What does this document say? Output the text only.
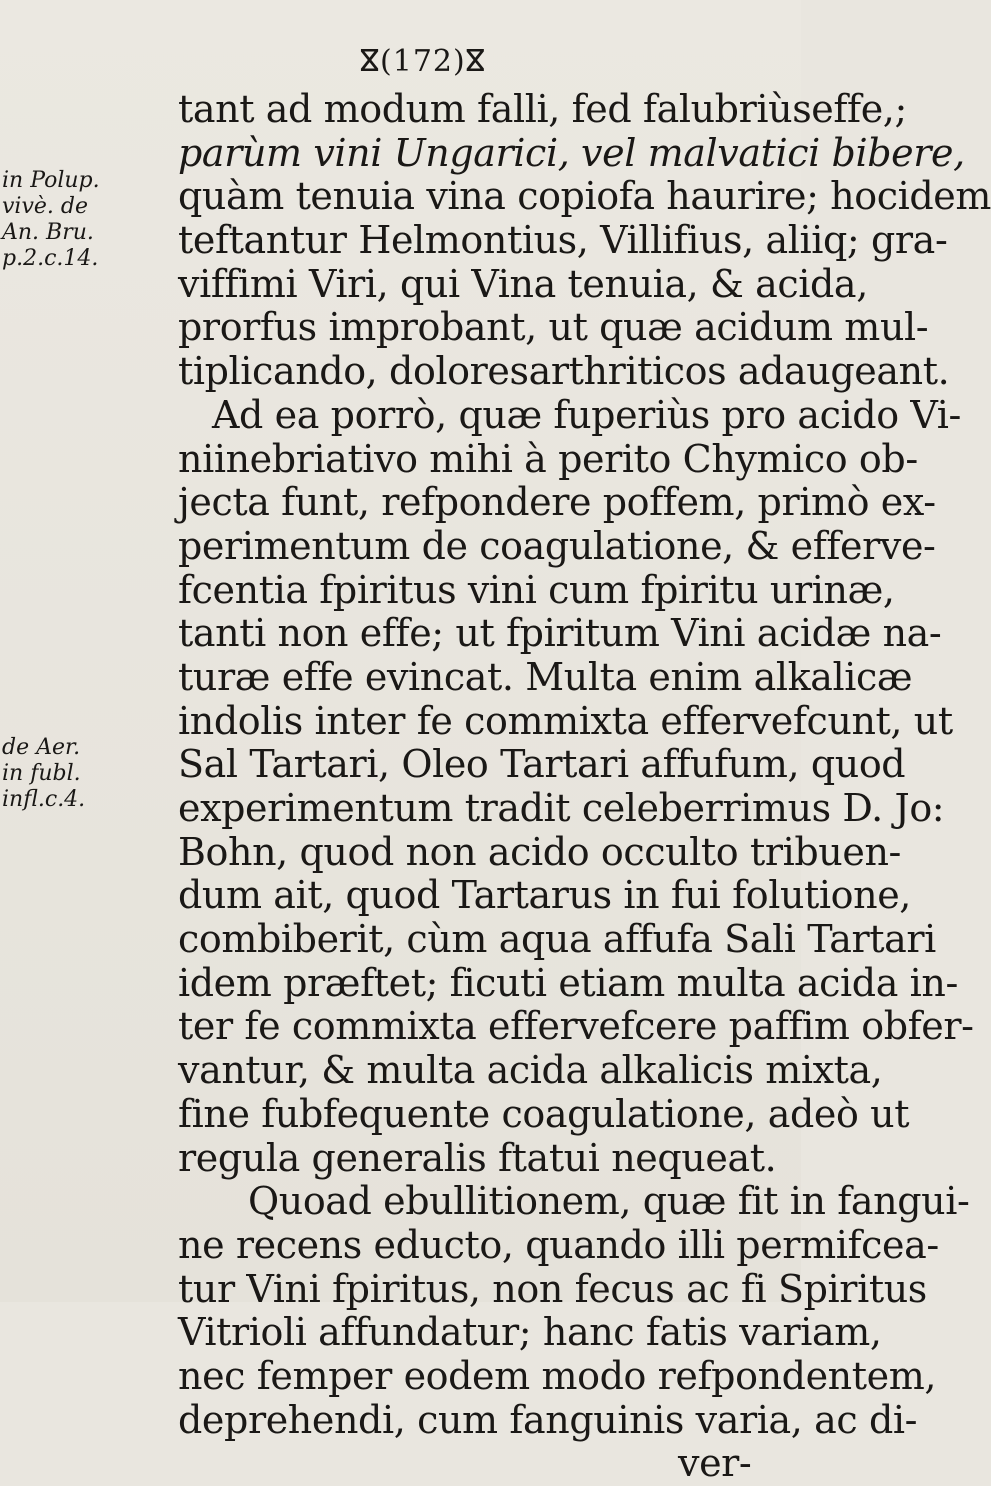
ⴵ(172)ⴵ
in Polup.
vivè. de
An. Bru.
p.2.c.14.
de Aer.
in fubl.
infl.c.4.
tant ad modum falli, fed falubriùseffe,;
parùm vini Ungarici, vel malvatici bibere,
quàm tenuia vina copiofa haurire; hocidem
teftantur Helmontius, Villifius, aliiq; gra-
viffimi Viri, qui Vina tenuia, & acida,
prorfus improbant, ut quæ acidum mul-
tiplicando, doloresarthriticos adaugeant.
Ad ea porrò, quæ fuperiùs pro acido Vi-
niinebriativo mihi à perito Chymico ob-
jecta funt, refpondere poffem, primò ex-
perimentum de coagulatione, & efferve-
fcentia fpiritus vini cum fpiritu urinæ,
tanti non effe; ut fpiritum Vini acidæ na-
turæ effe evincat. Multa enim alkalicæ
indolis inter fe commixta effervefcunt, ut
Sal Tartari, Oleo Tartari affufum, quod
experimentum tradit celeberrimus D. Jo:
Bohn, quod non acido occulto tribuen-
dum ait, quod Tartarus in fui folutione,
combiberit, cùm aqua affufa Sali Tartari
idem præftet; ficuti etiam multa acida in-
ter fe commixta effervefcere paffim obfer-
vantur, & multa acida alkalicis mixta,
fine fubfequente coagulatione, adeò ut
regula generalis ftatui nequeat.
Quoad ebullitionem, quæ fit in fangui-
ne recens educto, quando illi permifcea-
tur Vini fpiritus, non fecus ac fi Spiritus
Vitrioli affundatur; hanc fatis variam,
nec femper eodem modo refpondentem,
deprehendi, cum fanguinis varia, ac di-
ver-
